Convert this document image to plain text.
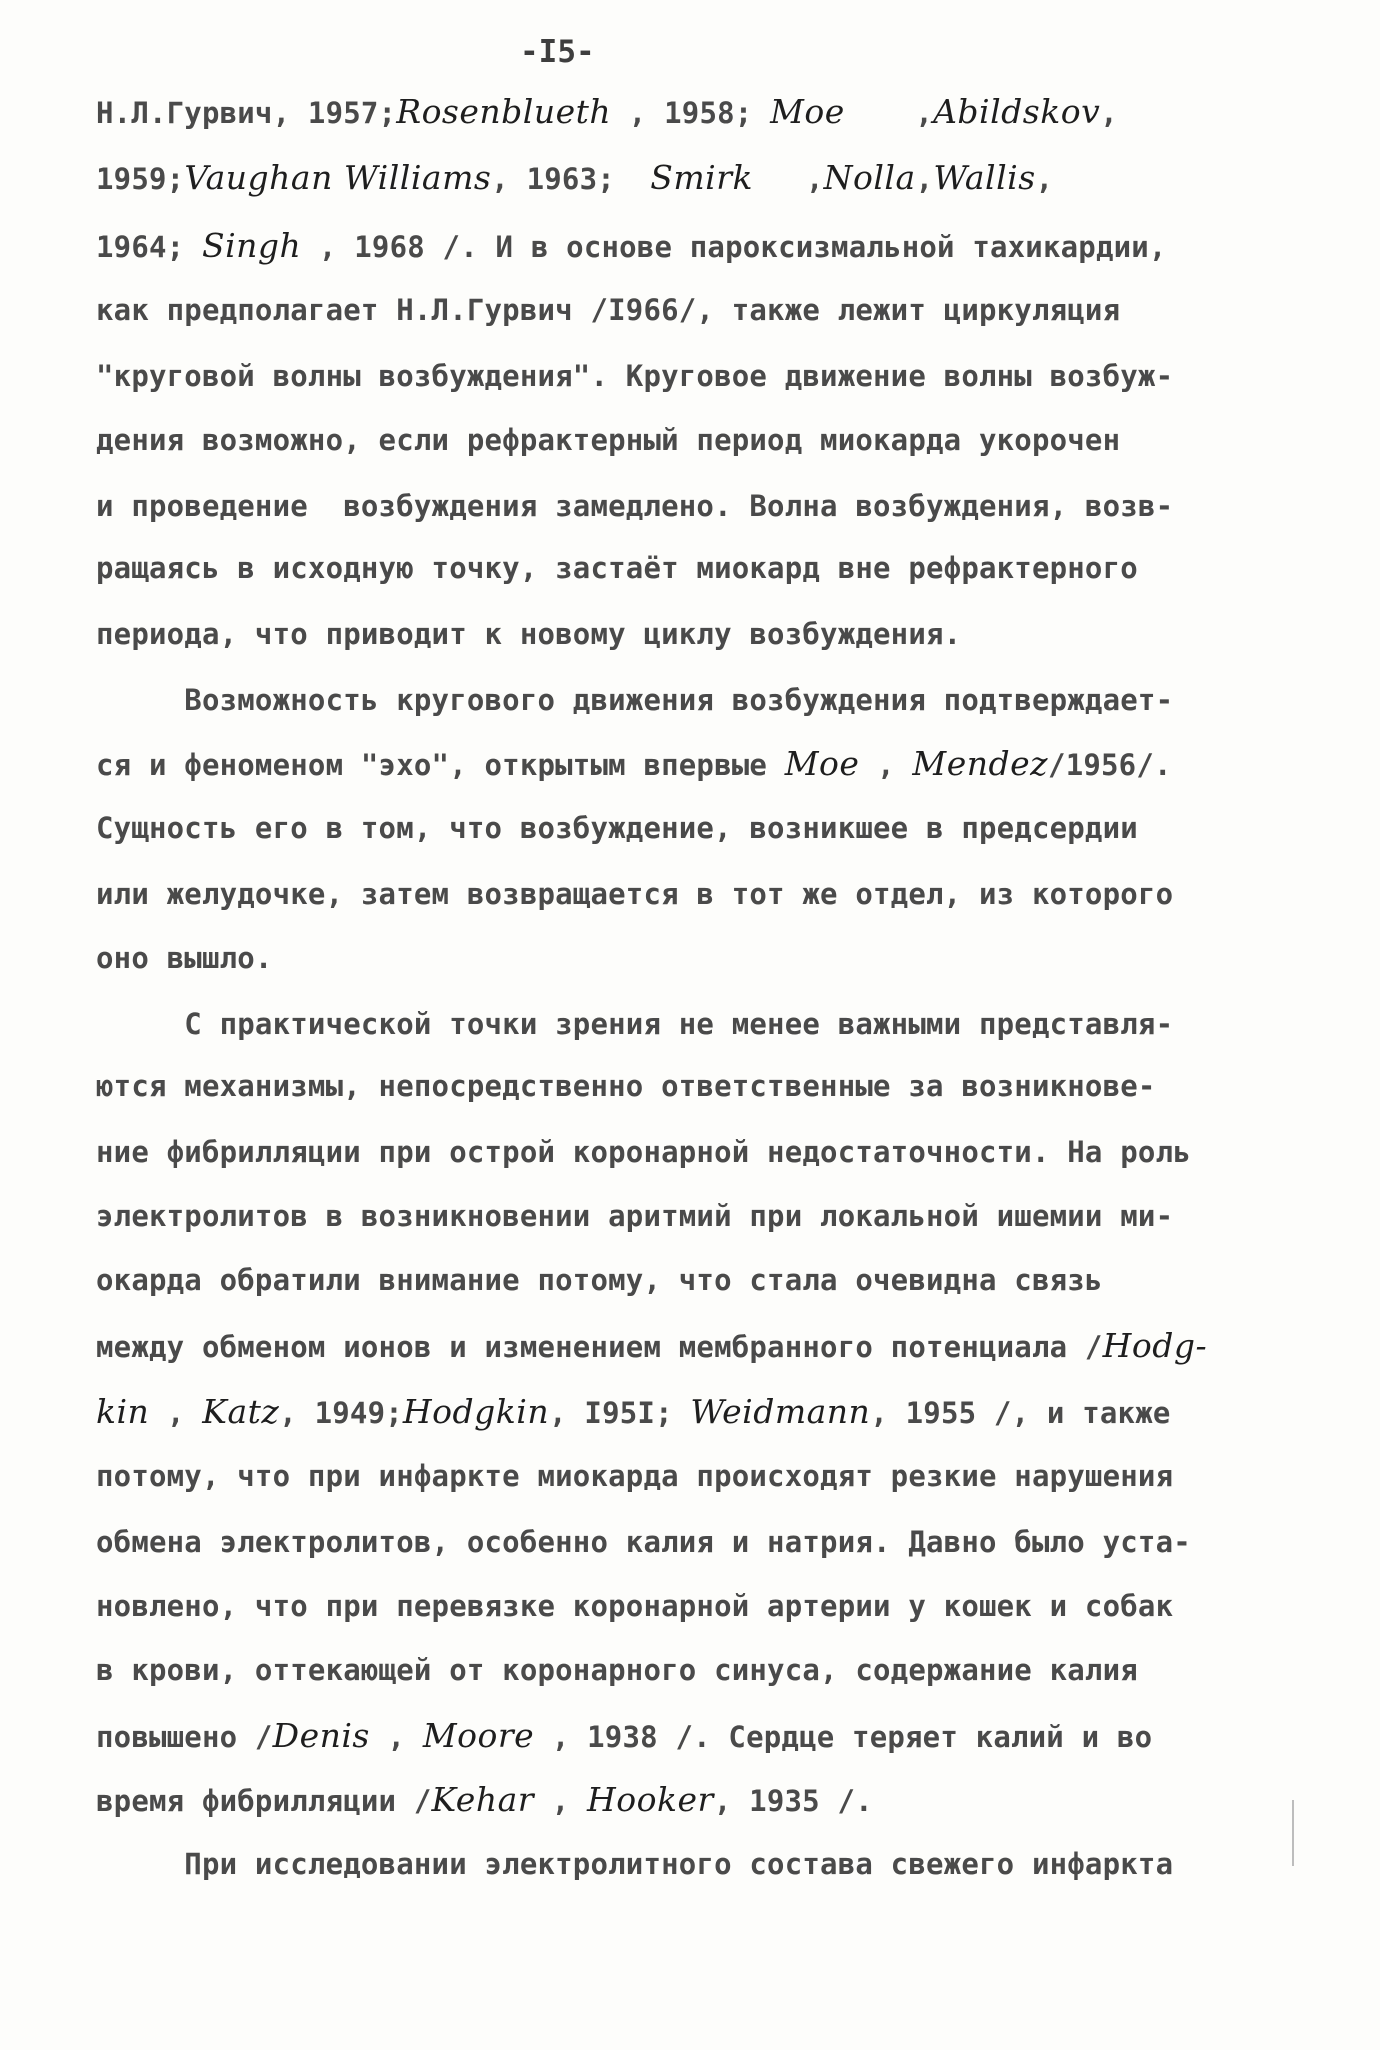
-I5-
Н.Л.Гурвич, 1957;Rosenblueth , 1958; Moe    ,Abildskov,
1959;Vaughan Williams, 1963;  Smirk   ,Nolla,Wallis,
1964; Singh , 1968 /. И в основе пароксизмальной тахикардии,
как предполагает Н.Л.Гурвич /I966/, также лежит циркуляция
"круговой волны возбуждения". Круговое движение волны возбуж-
дения возможно, если рефрактерный период миокарда укорочен
и проведение  возбуждения замедлено. Волна возбуждения, возв-
ращаясь в исходную точку, застаёт миокард вне рефрактерного
периода, что приводит к новому циклу возбуждения.
Возможность кругового движения возбуждения подтверждает-
ся и феноменом "эхо", открытым впервые Moe , Mendez/1956/.
Сущность его в том, что возбуждение, возникшее в предсердии
или желудочке, затем возвращается в тот же отдел, из которого
оно вышло.
С практической точки зрения не менее важными представля-
ются механизмы, непосредственно ответственные за возникнове-
ние фибрилляции при острой коронарной недостаточности. На роль
электролитов в возникновении аритмий при локальной ишемии ми-
окарда обратили внимание потому, что стала очевидна связь
между обменом ионов и изменением мембранного потенциала /Hodg-
kin , Katz, 1949;Hodgkin, I95I; Weidmann, 1955 /, и также
потому, что при инфаркте миокарда происходят резкие нарушения
обмена электролитов, особенно калия и натрия. Давно было уста-
новлено, что при перевязке коронарной артерии у кошек и собак
в крови, оттекающей от коронарного синуса, содержание калия
повышено /Denis , Moore , 1938 /. Сердце теряет калий и во
время фибрилляции /Kehar , Hooker, 1935 /.
При исследовании электролитного состава свежего инфаркта
